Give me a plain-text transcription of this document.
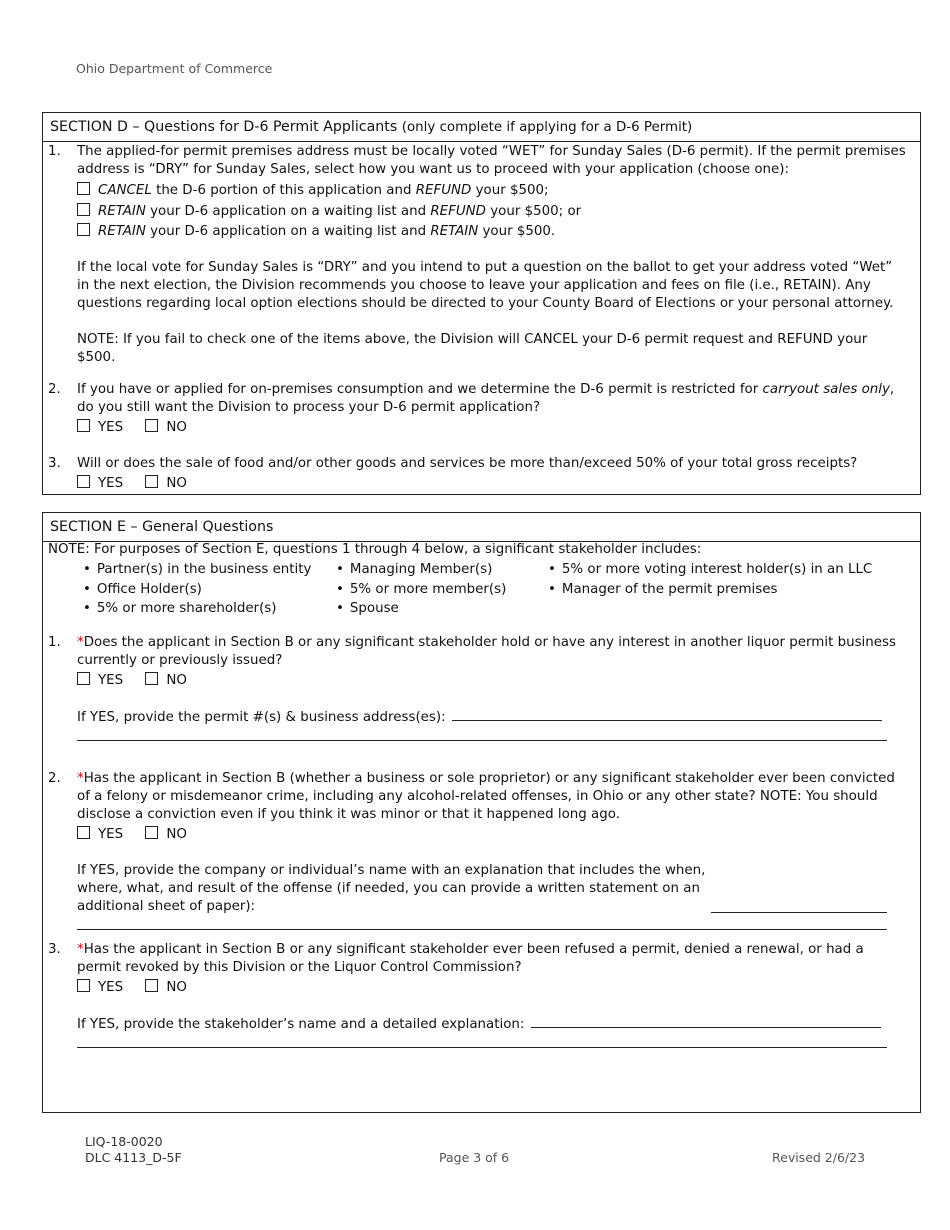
Ohio Department of Commerce
SECTION D – Questions for D-6 Permit Applicants (only complete if applying for a D-6 Permit)
1. The applied-for permit premises address must be locally voted “WET” for Sunday Sales (D-6 permit). If the permit premises address is “DRY” for Sunday Sales, select how you want us to proceed with your application (choose one):
CANCEL the D-6 portion of this application and REFUND your $500;
RETAIN your D-6 application on a waiting list and REFUND your $500; or
RETAIN your D-6 application on a waiting list and RETAIN your $500.
If the local vote for Sunday Sales is “DRY” and you intend to put a question on the ballot to get your address voted “Wet” in the next election, the Division recommends you choose to leave your application and fees on file (i.e., RETAIN). Any questions regarding local option elections should be directed to your County Board of Elections or your personal attorney.
NOTE: If you fail to check one of the items above, the Division will CANCEL your D-6 permit request and REFUND your $500.
2. If you have or applied for on-premises consumption and we determine the D-6 permit is restricted for carryout sales only, do you still want the Division to process your D-6 permit application?
YES	NO
3. Will or does the sale of food and/or other goods and services be more than/exceed 50% of your total gross receipts?
YES	NO
SECTION E – General Questions
NOTE: For purposes of Section E, questions 1 through 4 below, a significant stakeholder includes:
• Partner(s) in the business entity
• Office Holder(s)
• 5% or more shareholder(s)
• Managing Member(s)
• 5% or more member(s)
• Spouse
• 5% or more voting interest holder(s) in an LLC
• Manager of the permit premises
1. *Does the applicant in Section B or any significant stakeholder hold or have any interest in another liquor permit business currently or previously issued?
YES	NO
If YES, provide the permit #(s) & business address(es):
2. *Has the applicant in Section B (whether a business or sole proprietor) or any significant stakeholder ever been convicted of a felony or misdemeanor crime, including any alcohol-related offenses, in Ohio or any other state? NOTE: You should disclose a conviction even if you think it was minor or that it happened long ago.
YES	NO
If YES, provide the company or individual’s name with an explanation that includes the when, where, what, and result of the offense (if needed, you can provide a written statement on an additional sheet of paper):
3. *Has the applicant in Section B or any significant stakeholder ever been refused a permit, denied a renewal, or had a permit revoked by this Division or the Liquor Control Commission?
YES	NO
If YES, provide the stakeholder’s name and a detailed explanation:
LIQ-18-0020
DLC 4113_D-5F	Page 3 of 6	Revised 2/6/23
